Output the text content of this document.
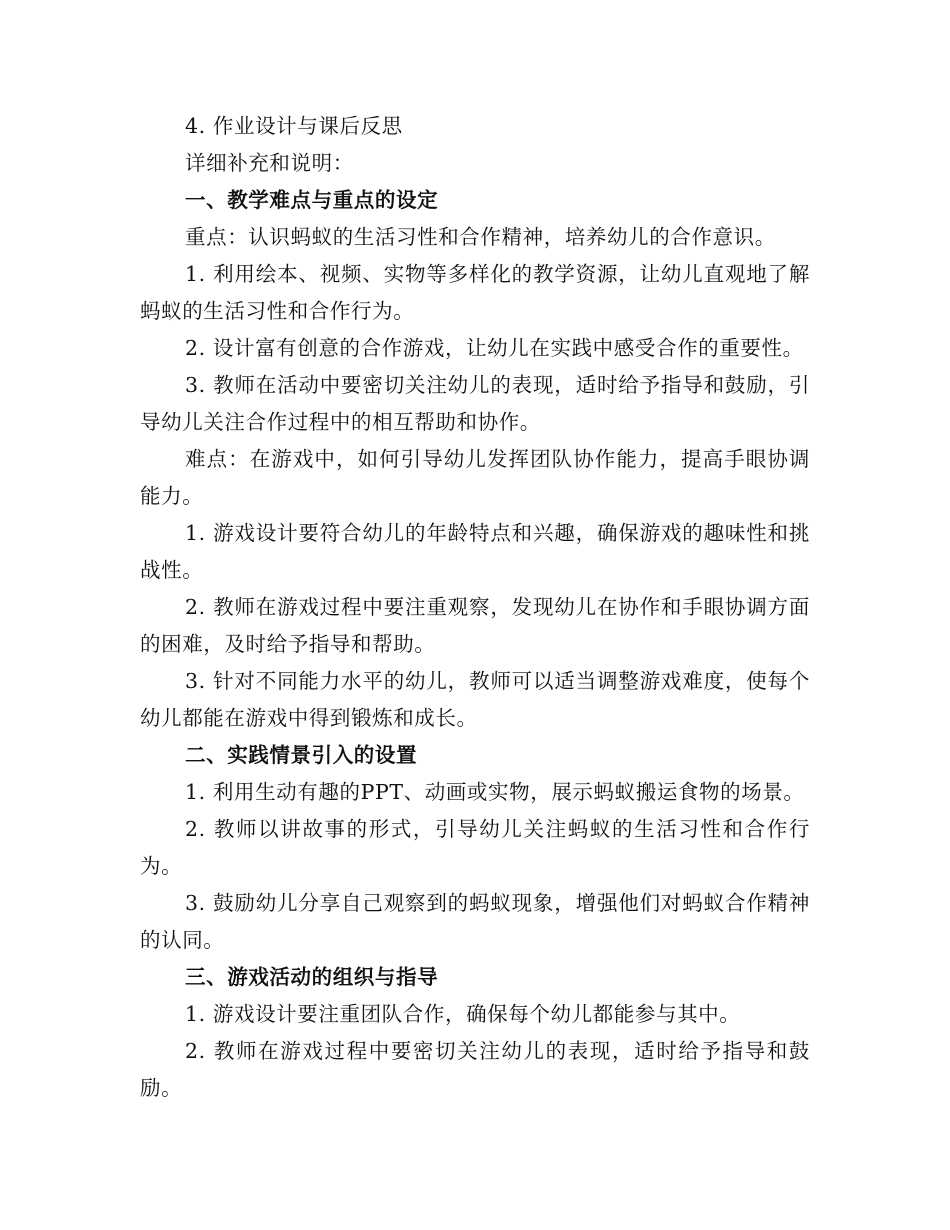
4. 作业设计与课后反思

详细补充和说明：

一、教学难点与重点的设定

重点：认识蚂蚁的生活习性和合作精神，培养幼儿的合作意识。

1. 利用绘本、视频、实物等多样化的教学资源，让幼儿直观地了解蚂蚁的生活习性和合作行为。

2. 设计富有创意的合作游戏，让幼儿在实践中感受合作的重要性。

3. 教师在活动中要密切关注幼儿的表现，适时给予指导和鼓励，引导幼儿关注合作过程中的相互帮助和协作。

难点：在游戏中，如何引导幼儿发挥团队协作能力，提高手眼协调能力。

1. 游戏设计要符合幼儿的年龄特点和兴趣，确保游戏的趣味性和挑战性。

2. 教师在游戏过程中要注重观察，发现幼儿在协作和手眼协调方面的困难，及时给予指导和帮助。

3. 针对不同能力水平的幼儿，教师可以适当调整游戏难度，使每个幼儿都能在游戏中得到锻炼和成长。

二、实践情景引入的设置

1. 利用生动有趣的PPT、动画或实物，展示蚂蚁搬运食物的场景。

2. 教师以讲故事的形式，引导幼儿关注蚂蚁的生活习性和合作行为。

3. 鼓励幼儿分享自己观察到的蚂蚁现象，增强他们对蚂蚁合作精神的认同。

三、游戏活动的组织与指导

1. 游戏设计要注重团队合作，确保每个幼儿都能参与其中。

2. 教师在游戏过程中要密切关注幼儿的表现，适时给予指导和鼓励。
